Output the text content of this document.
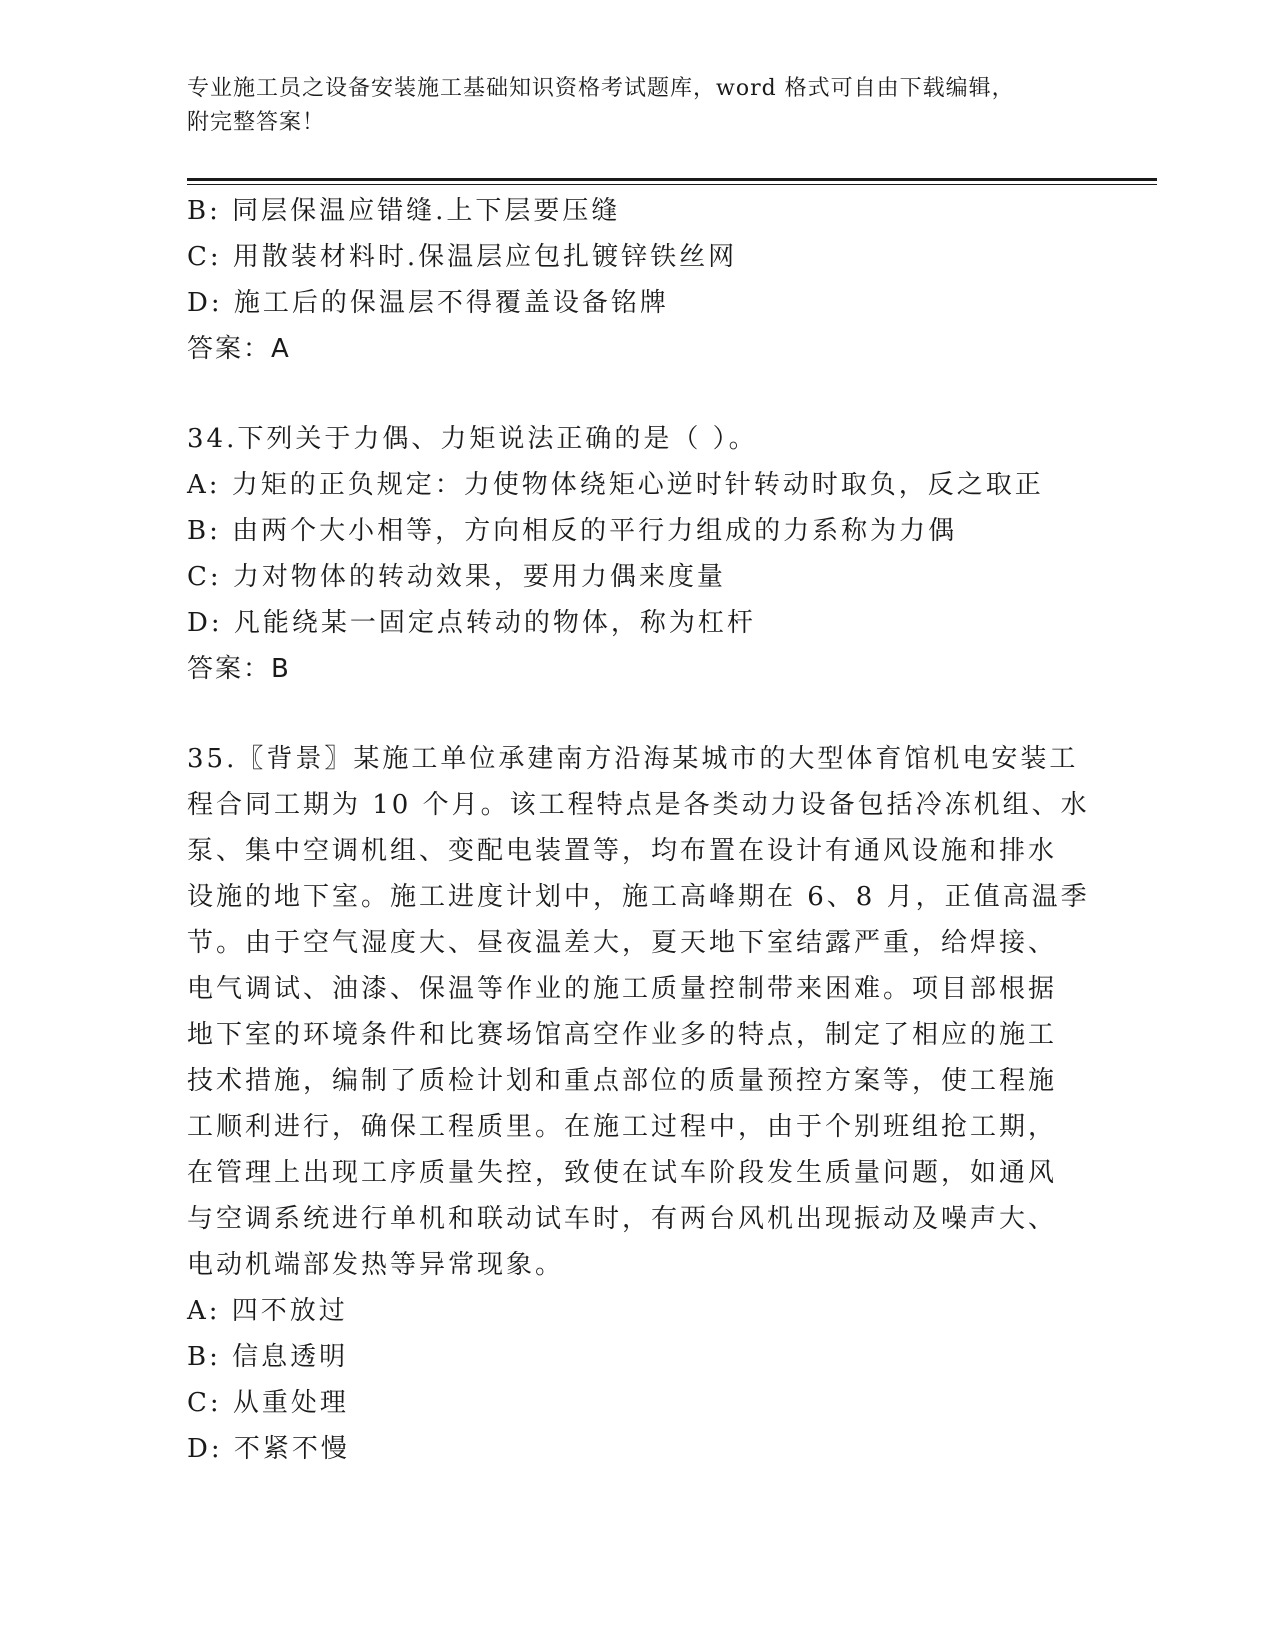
专业施工员之设备安装施工基础知识资格考试题库，word 格式可自由下载编辑，
附完整答案！
B: 同层保温应错缝.上下层要压缝
C: 用散装材料时.保温层应包扎镀锌铁丝网
D: 施工后的保温层不得覆盖设备铭牌
答案：A
34.下列关于力偶、力矩说法正确的是（ ）。
A: 力矩的正负规定：力使物体绕矩心逆时针转动时取负，反之取正
B: 由两个大小相等，方向相反的平行力组成的力系称为力偶
C: 力对物体的转动效果，要用力偶来度量
D: 凡能绕某一固定点转动的物体，称为杠杆
答案：B
35.〖背景〗某施工单位承建南方沿海某城市的大型体育馆机电安装工
程合同工期为 10 个月。该工程特点是各类动力设备包括冷冻机组、水
泵、集中空调机组、变配电装置等，均布置在设计有通风设施和排水
设施的地下室。施工进度计划中，施工高峰期在 6、8 月，正值高温季
节。由于空气湿度大、昼夜温差大，夏天地下室结露严重，给焊接、
电气调试、油漆、保温等作业的施工质量控制带来困难。项目部根据
地下室的环境条件和比赛场馆高空作业多的特点，制定了相应的施工
技术措施，编制了质检计划和重点部位的质量预控方案等，使工程施
工顺利进行，确保工程质里。在施工过程中，由于个别班组抢工期，
在管理上出现工序质量失控，致使在试车阶段发生质量问题，如通风
与空调系统进行单机和联动试车时，有两台风机出现振动及噪声大、
电动机端部发热等异常现象。
A: 四不放过
B: 信息透明
C: 从重处理
D: 不紧不慢
